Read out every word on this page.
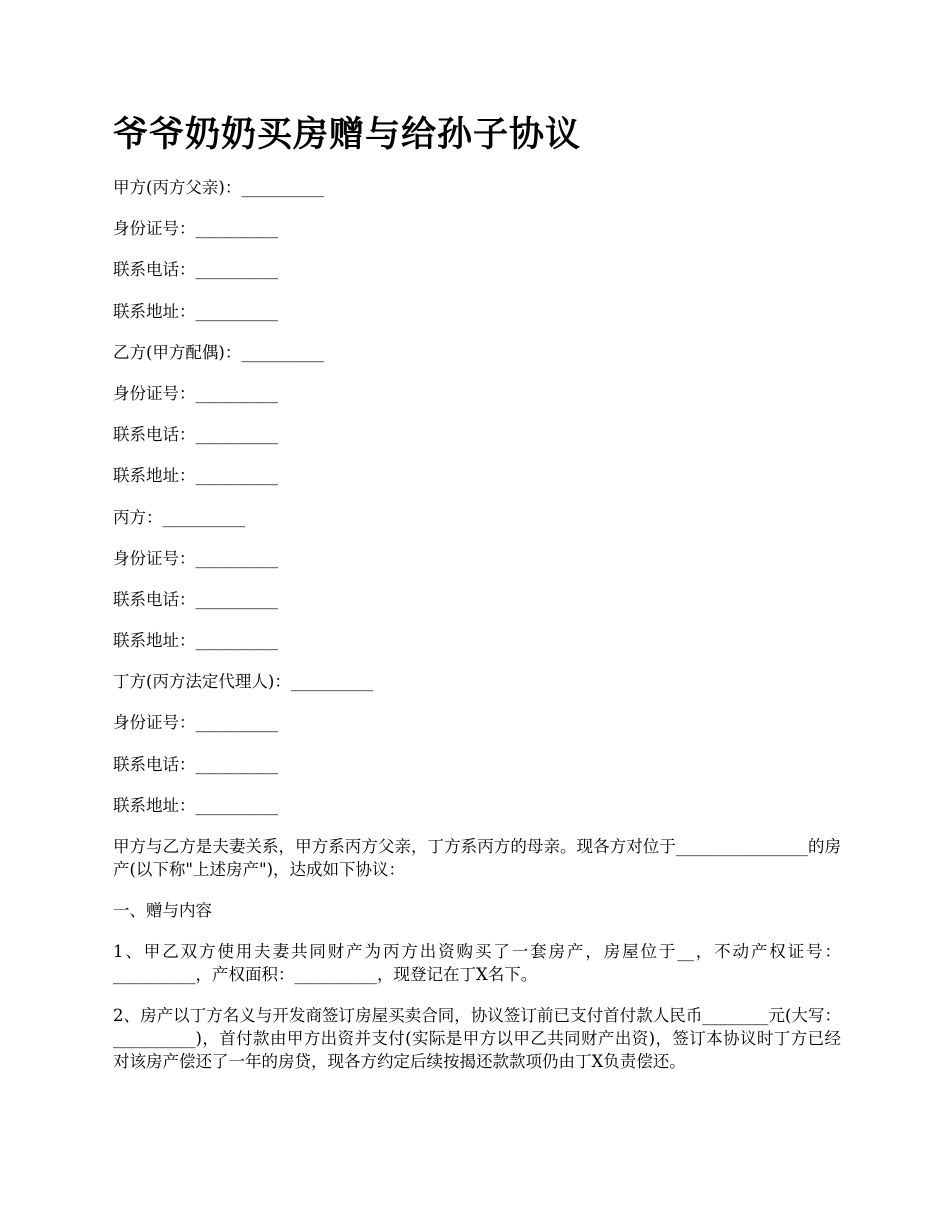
爷爷奶奶买房赠与给孙子协议
甲方(丙方父亲)：__________
身份证号：__________
联系电话：__________
联系地址：__________
乙方(甲方配偶)：__________
身份证号：__________
联系电话：__________
联系地址：__________
丙方：__________
身份证号：__________
联系电话：__________
联系地址：__________
丁方(丙方法定代理人)：__________
身份证号：__________
联系电话：__________
联系地址：__________

甲方与乙方是夫妻关系，甲方系丙方父亲，丁方系丙方的母亲。现各方对位于________________的房产(以下称"上述房产")，达成如下协议：

一、赠与内容

1、甲乙双方使用夫妻共同财产为丙方出资购买了一套房产，房屋位于__，不动产权证号：__________，产权面积：__________，现登记在丁X名下。

2、房产以丁方名义与开发商签订房屋买卖合同，协议签订前已支付首付款人民币________元(大写：__________)，首付款由甲方出资并支付(实际是甲方以甲乙共同财产出资)，签订本协议时丁方已经对该房产偿还了一年的房贷，现各方约定后续按揭还款款项仍由丁X负责偿还。
